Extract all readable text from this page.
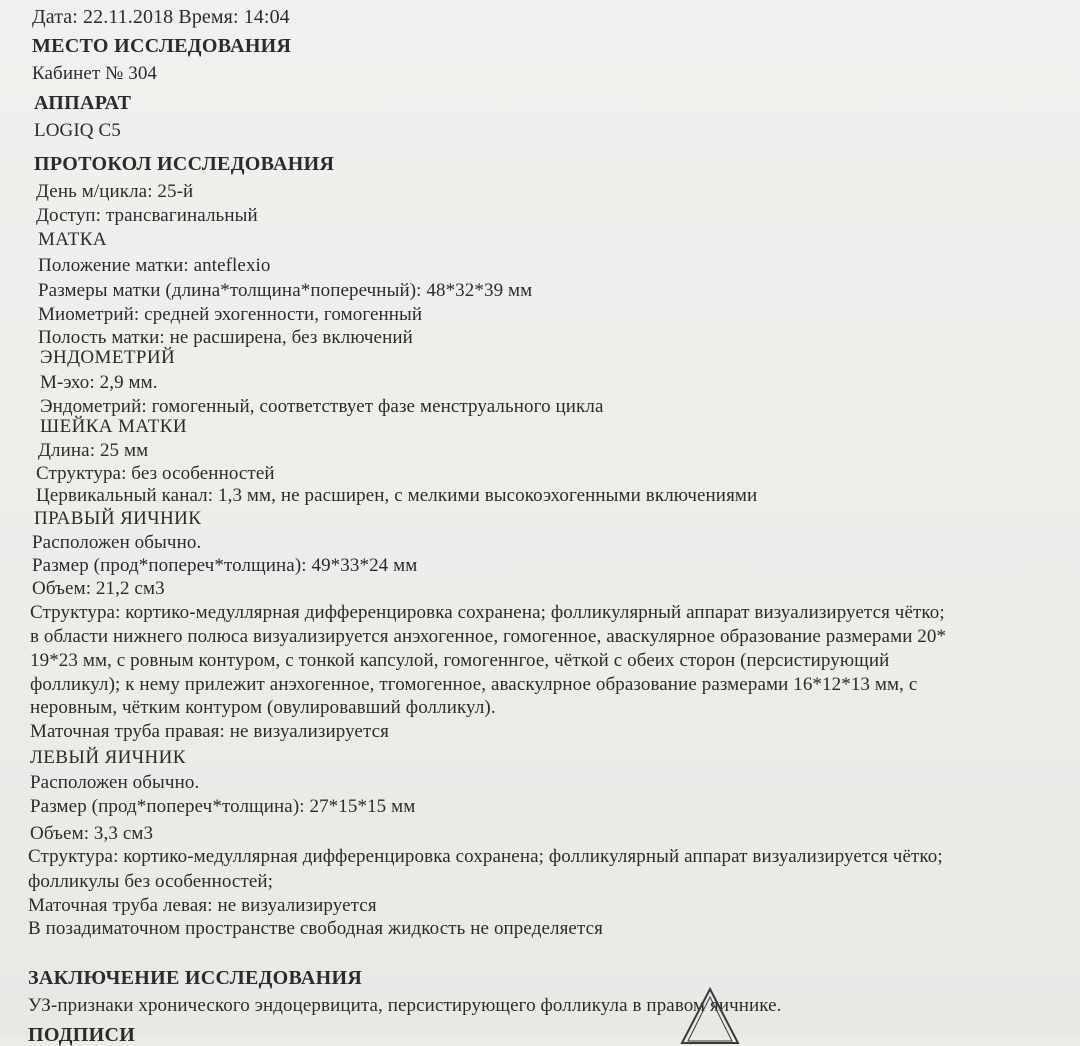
Дата: 22.11.2018 Время: 14:04
МЕСТО ИССЛЕДОВАНИЯ
Кабинет № 304
АППАРАТ
LOGIQ C5
ПРОТОКОЛ ИССЛЕДОВАНИЯ
День м/цикла: 25-й
Доступ: трансвагинальный
МАТКА
Положение матки: anteflexio
Размеры матки (длина*толщина*поперечный): 48*32*39 мм
Миометрий: средней эхогенности, гомогенный
Полость матки: не расширена, без включений
ЭНДОМЕТРИЙ
М-эхо: 2,9 мм.
Эндометрий: гомогенный, соответствует фазе менструального цикла
ШЕЙКА МАТКИ
Длина: 25 мм
Структура: без особенностей
Цервикальный канал: 1,3 мм, не расширен, с мелкими высокоэхогенными включениями
ПРАВЫЙ ЯИЧНИК
Расположен обычно.
Размер (прод*попереч*толщина): 49*33*24 мм
Объем: 21,2 см3
Структура: кортико-медуллярная дифференцировка сохранена; фолликулярный аппарат визуализируется чётко;
в области нижнего полюса визуализируется анэхогенное, гомогенное, аваскулярное образование размерами 20*
19*23 мм, с ровным контуром, с тонкой капсулой, гомогеннгое, чёткой с обеих сторон (персистирующий
фолликул); к нему прилежит анэхогенное, тгомогенное, аваскулрное образование размерами 16*12*13 мм, с
неровным, чётким контуром (овулировавший фолликул).
Маточная труба правая: не визуализируется
ЛЕВЫЙ ЯИЧНИК
Расположен обычно.
Размер (прод*попереч*толщина): 27*15*15 мм
Объем: 3,3 см3
Структура: кортико-медуллярная дифференцировка сохранена; фолликулярный аппарат визуализируется чётко;
фолликулы без особенностей;
Маточная труба левая: не визуализируется
В позадиматочном пространстве свободная жидкость не определяется
ЗАКЛЮЧЕНИЕ ИССЛЕДОВАНИЯ
УЗ-признаки хронического эндоцервицита, персистирующего фолликула в правом яичнике.
ПОДПИСИ
